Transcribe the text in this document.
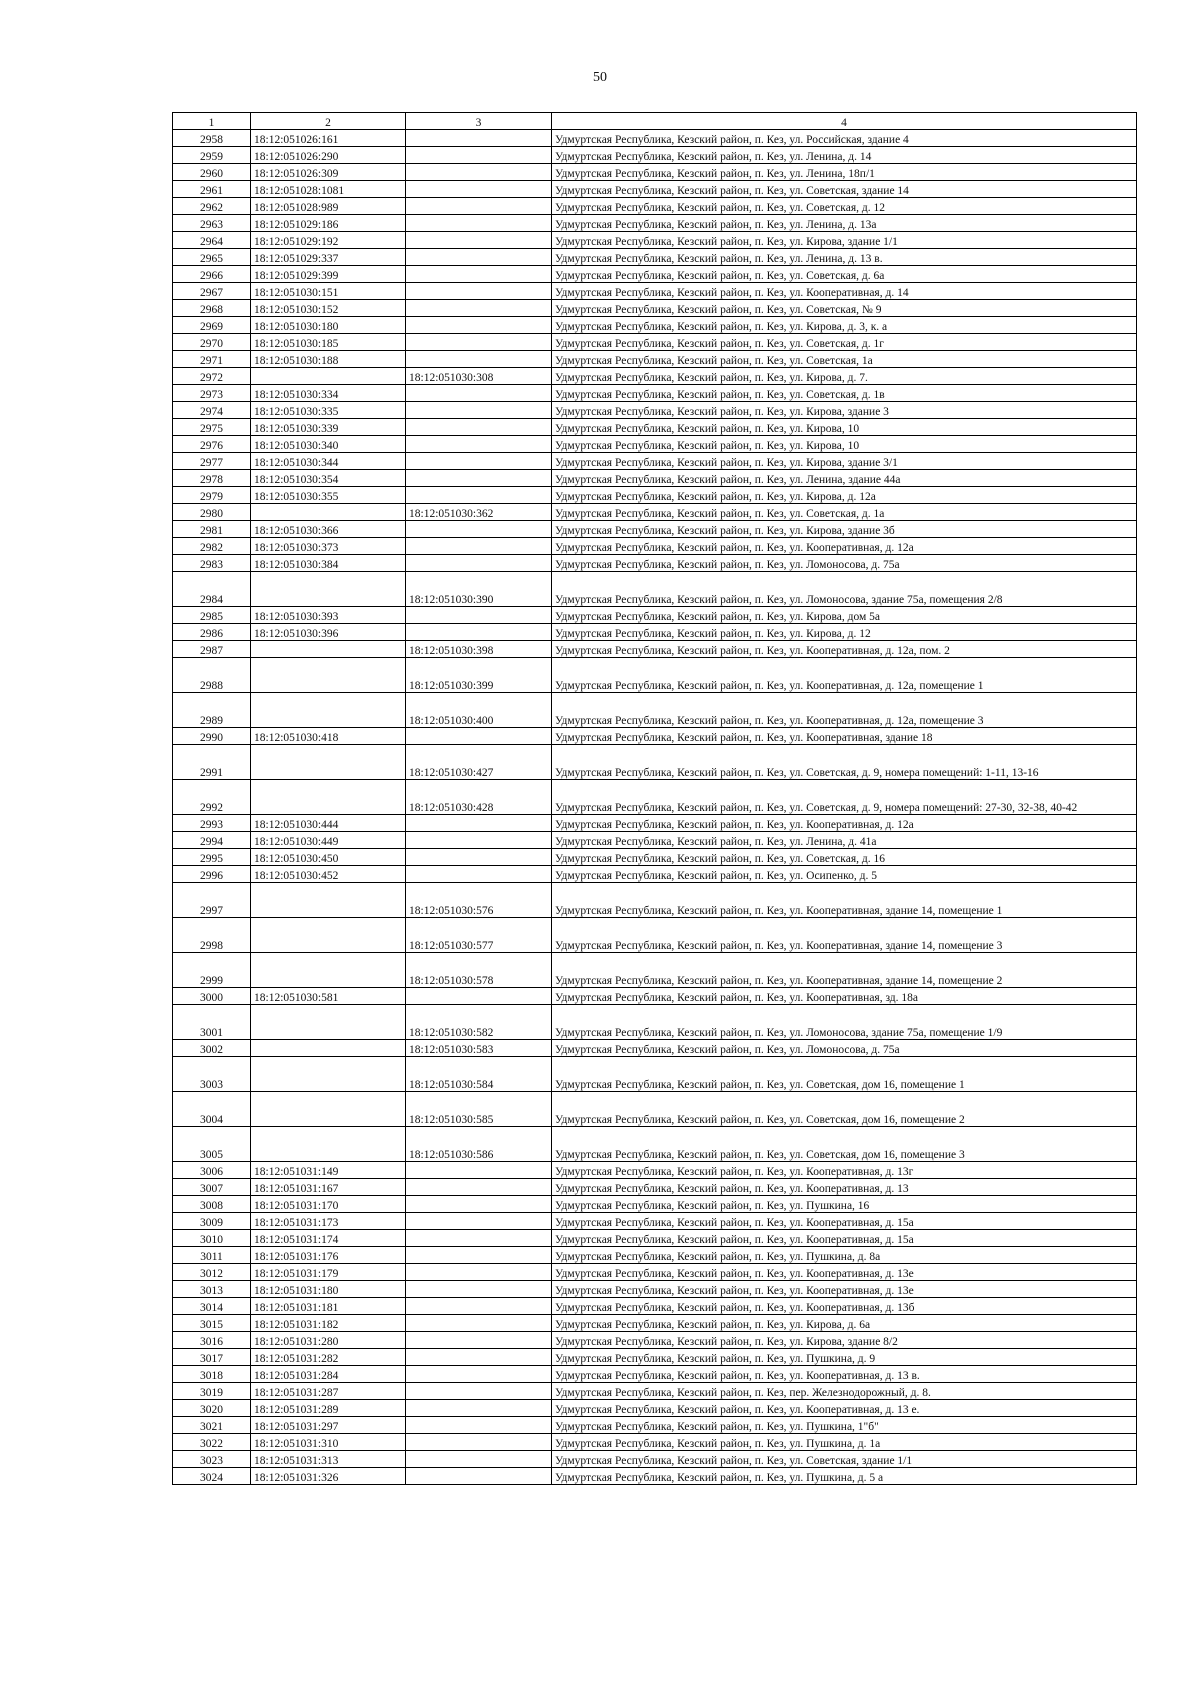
50
1	2	3	4
2958	18:12:051026:161		Удмуртская Республика, Кезский район, п. Кез, ул. Российская, здание 4
2959	18:12:051026:290		Удмуртская Республика, Кезский район, п. Кез, ул. Ленина, д. 14
2960	18:12:051026:309		Удмуртская Республика, Кезский район, п. Кез, ул. Ленина, 18п/1
2961	18:12:051028:1081		Удмуртская Республика, Кезский район, п. Кез, ул. Советская, здание 14
2962	18:12:051028:989		Удмуртская Республика, Кезский район, п. Кез, ул. Советская, д. 12
2963	18:12:051029:186		Удмуртская Республика, Кезский район, п. Кез, ул. Ленина, д. 13а
2964	18:12:051029:192		Удмуртская Республика, Кезский район, п. Кез, ул. Кирова, здание 1/1
2965	18:12:051029:337		Удмуртская Республика, Кезский район, п. Кез, ул. Ленина, д. 13 в.
2966	18:12:051029:399		Удмуртская Республика, Кезский район, п. Кез, ул. Советская, д. 6а
2967	18:12:051030:151		Удмуртская Республика, Кезский район, п. Кез, ул. Кооперативная, д. 14
2968	18:12:051030:152		Удмуртская Республика, Кезский район, п. Кез, ул. Советская, № 9
2969	18:12:051030:180		Удмуртская Республика, Кезский район, п. Кез, ул. Кирова, д. 3, к. а
2970	18:12:051030:185		Удмуртская Республика, Кезский район, п. Кез, ул. Советская, д. 1г
2971	18:12:051030:188		Удмуртская Республика, Кезский район, п. Кез, ул. Советская, 1а
2972		18:12:051030:308	Удмуртская Республика, Кезский район, п. Кез, ул. Кирова, д. 7.
2973	18:12:051030:334		Удмуртская Республика, Кезский район, п. Кез, ул. Советская, д. 1в
2974	18:12:051030:335		Удмуртская Республика, Кезский район, п. Кез, ул. Кирова, здание 3
2975	18:12:051030:339		Удмуртская Республика, Кезский район, п. Кез, ул. Кирова, 10
2976	18:12:051030:340		Удмуртская Республика, Кезский район, п. Кез, ул. Кирова, 10
2977	18:12:051030:344		Удмуртская Республика, Кезский район, п. Кез, ул. Кирова, здание 3/1
2978	18:12:051030:354		Удмуртская Республика, Кезский район, п. Кез, ул. Ленина, здание 44а
2979	18:12:051030:355		Удмуртская Республика, Кезский район, п. Кез, ул. Кирова, д. 12а
2980		18:12:051030:362	Удмуртская Республика, Кезский район, п. Кез, ул. Советская, д. 1а
2981	18:12:051030:366		Удмуртская Республика, Кезский район, п. Кез, ул. Кирова, здание 3б
2982	18:12:051030:373		Удмуртская Республика, Кезский район, п. Кез, ул. Кооперативная, д. 12а
2983	18:12:051030:384		Удмуртская Республика, Кезский район, п. Кез, ул. Ломоносова, д. 75а
2984		18:12:051030:390	Удмуртская Республика, Кезский район, п. Кез, ул. Ломоносова, здание 75а, помещения 2/8
2985	18:12:051030:393		Удмуртская Республика, Кезский район, п. Кез, ул. Кирова, дом 5а
2986	18:12:051030:396		Удмуртская Республика, Кезский район, п. Кез, ул. Кирова, д. 12
2987		18:12:051030:398	Удмуртская Республика, Кезский район, п. Кез, ул. Кооперативная, д. 12а, пом. 2
2988		18:12:051030:399	Удмуртская Республика, Кезский район, п. Кез, ул. Кооперативная, д. 12а, помещение 1
2989		18:12:051030:400	Удмуртская Республика, Кезский район, п. Кез, ул. Кооперативная, д. 12а, помещение 3
2990	18:12:051030:418		Удмуртская Республика, Кезский район, п. Кез, ул. Кооперативная, здание 18
2991		18:12:051030:427	Удмуртская Республика, Кезский район, п. Кез, ул. Советская, д. 9, номера помещений: 1-11, 13-16
2992		18:12:051030:428	Удмуртская Республика, Кезский район, п. Кез, ул. Советская, д. 9, номера помещений: 27-30, 32-38, 40-42
2993	18:12:051030:444		Удмуртская Республика, Кезский район, п. Кез, ул. Кооперативная, д. 12а
2994	18:12:051030:449		Удмуртская Республика, Кезский район, п. Кез, ул. Ленина, д. 41а
2995	18:12:051030:450		Удмуртская Республика, Кезский район, п. Кез, ул. Советская, д. 16
2996	18:12:051030:452		Удмуртская Республика, Кезский район, п. Кез, ул. Осипенко, д. 5
2997		18:12:051030:576	Удмуртская Республика, Кезский район, п. Кез, ул. Кооперативная, здание 14, помещение 1
2998		18:12:051030:577	Удмуртская Республика, Кезский район, п. Кез, ул. Кооперативная, здание 14, помещение 3
2999		18:12:051030:578	Удмуртская Республика, Кезский район, п. Кез, ул. Кооперативная, здание 14, помещение 2
3000	18:12:051030:581		Удмуртская Республика, Кезский район, п. Кез, ул. Кооперативная, зд. 18а
3001		18:12:051030:582	Удмуртская Республика, Кезский район, п. Кез, ул. Ломоносова, здание 75а, помещение 1/9
3002		18:12:051030:583	Удмуртская Республика, Кезский район, п. Кез, ул. Ломоносова, д. 75а
3003		18:12:051030:584	Удмуртская Республика, Кезский район, п. Кез, ул. Советская, дом 16, помещение 1
3004		18:12:051030:585	Удмуртская Республика, Кезский район, п. Кез, ул. Советская, дом 16, помещение 2
3005		18:12:051030:586	Удмуртская Республика, Кезский район, п. Кез, ул. Советская, дом 16, помещение 3
3006	18:12:051031:149		Удмуртская Республика, Кезский район, п. Кез, ул. Кооперативная, д. 13г
3007	18:12:051031:167		Удмуртская Республика, Кезский район, п. Кез, ул. Кооперативная, д. 13
3008	18:12:051031:170		Удмуртская Республика, Кезский район, п. Кез, ул. Пушкина, 16
3009	18:12:051031:173		Удмуртская Республика, Кезский район, п. Кез, ул. Кооперативная, д. 15а
3010	18:12:051031:174		Удмуртская Республика, Кезский район, п. Кез, ул. Кооперативная, д. 15а
3011	18:12:051031:176		Удмуртская Республика, Кезский район, п. Кез, ул. Пушкина, д. 8а
3012	18:12:051031:179		Удмуртская Республика, Кезский район, п. Кез, ул. Кооперативная, д. 13е
3013	18:12:051031:180		Удмуртская Республика, Кезский район, п. Кез, ул. Кооперативная, д. 13е
3014	18:12:051031:181		Удмуртская Республика, Кезский район, п. Кез, ул. Кооперативная, д. 13б
3015	18:12:051031:182		Удмуртская Республика, Кезский район, п. Кез, ул. Кирова, д. 6а
3016	18:12:051031:280		Удмуртская Республика, Кезский район, п. Кез, ул. Кирова, здание 8/2
3017	18:12:051031:282		Удмуртская Республика, Кезский район, п. Кез, ул. Пушкина, д. 9
3018	18:12:051031:284		Удмуртская Республика, Кезский район, п. Кез, ул. Кооперативная, д. 13 в.
3019	18:12:051031:287		Удмуртская Республика, Кезский район, п. Кез, пер. Железнодорожный, д. 8.
3020	18:12:051031:289		Удмуртская Республика, Кезский район, п. Кез, ул. Кооперативная, д. 13 е.
3021	18:12:051031:297		Удмуртская Республика, Кезский район, п. Кез, ул. Пушкина, 1"б"
3022	18:12:051031:310		Удмуртская Республика, Кезский район, п. Кез, ул. Пушкина, д. 1а
3023	18:12:051031:313		Удмуртская Республика, Кезский район, п. Кез, ул. Советская, здание 1/1
3024	18:12:051031:326		Удмуртская Республика, Кезский район, п. Кез, ул. Пушкина, д. 5 а
